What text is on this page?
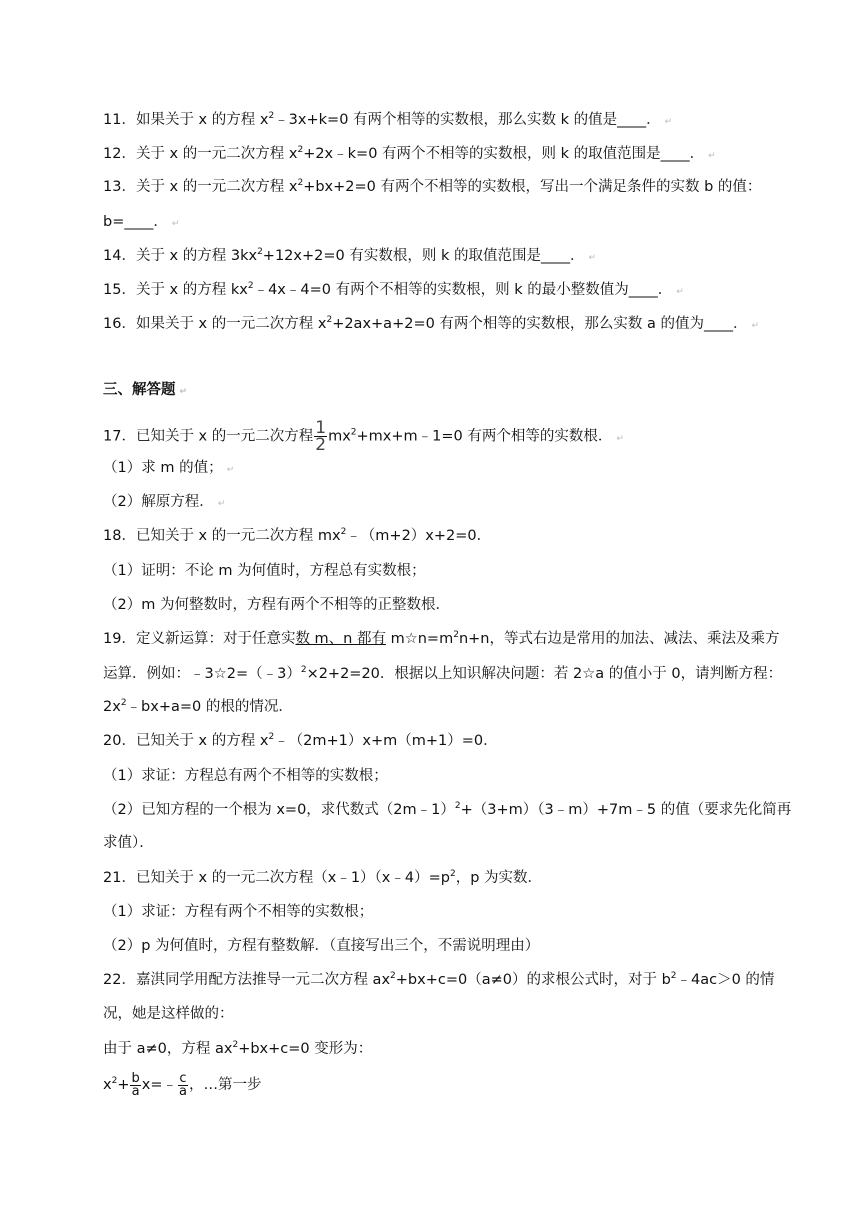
11．如果关于 x 的方程 $x^2﹣3x+k=0$ 有两个相等的实数根，那么实数 k 的值是____． ↵
12．关于 x 的一元二次方程 $x^2+2x﹣k=0$ 有两个不相等的实数根，则 k 的取值范围是____． ↵
13．关于 x 的一元二次方程 $x^2+bx+2=0$ 有两个不相等的实数根，写出一个满足条件的实数 b 的值：
b=____． ↵
14．关于 x 的方程 $3kx^2+12x+2=0$ 有实数根，则 k 的取值范围是____． ↵
15．关于 x 的方程 $kx^2﹣4x﹣4=0$ 有两个不相等的实数根，则 k 的最小整数值为____． ↵
16．如果关于 x 的一元二次方程 $x^2+2ax+a+2=0$ 有两个相等的实数根，那么实数 a 的值为____． ↵
三、解答题 ↵
17．已知关于 x 的一元二次方程 $\frac{1}{2}$ $mx^2+mx+m﹣1=0$ 有两个相等的实数根． ↵
（1）求 m 的值； ↵
（2）解原方程． ↵
18．已知关于 x 的一元二次方程 $mx^2﹣(m+2)x+2=0$．
（1）证明：不论 m 为何值时，方程总有实数根；
（2）m 为何整数时，方程有两个不相等的正整数根．
19．定义新运算：对于任意实数 m、n 都有 $m☆n=m^2n+n$，等式右边是常用的加法、减法、乘法及乘方
运算．例如：﹣3☆2=（﹣3）$^2$×2+2=20．根据以上知识解决问题：若 2☆a 的值小于 0，请判断方程：
$2x^2﹣bx+a=0$ 的根的情况．
20．已知关于 x 的方程 $x^2﹣(2m+1)x+m(m+1)=0$．
（1）求证：方程总有两个不相等的实数根；
（2）已知方程的一个根为 x=0，求代数式（2m﹣1）$^2$+（3+m）（3﹣m）+7m﹣5 的值（要求先化简再
求值）．
21．已知关于 x 的一元二次方程$(x﹣1)(x﹣4)=p^2$，p 为实数．
（1）求证：方程有两个不相等的实数根；
（2）p 为何值时，方程有整数解．（直接写出三个，不需说明理由）
22．嘉淇同学用配方法推导一元二次方程 $ax^2+bx+c=0(a\ne 0)$的求根公式时，对于 $b^2﹣4ac>0$ 的情
况，她是这样做的：
由于 a≠0，方程 $ax^2+bx+c=0$ 变形为：
$x^2+ \frac{b}{a}$ x=﹣ $\frac{c}{a}$ ，…第一步
